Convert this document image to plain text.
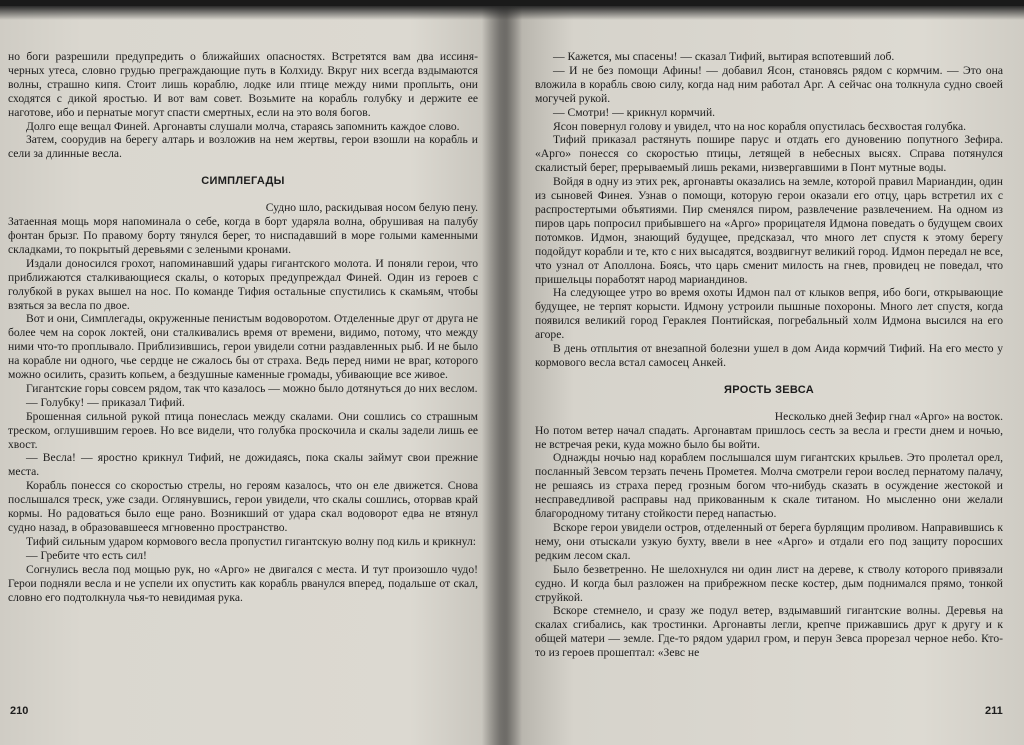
но боги разрешили предупредить о ближайших опасностях. Встретятся вам два иссиня-черных утеса, словно грудью преграждающие путь в Колхиду. Вкруг них всегда вздымаются волны, страшно кипя. Стоит лишь кораблю, лодке или птице между ними проплыть, они сходятся с дикой яростью. И вот вам совет. Возьмите на корабль голубку и держите ее наготове, ибо и пернатые могут спасти смертных, если на это воля богов.

Долго еще вещал Финей. Аргонавты слушали молча, стараясь запомнить каждое слово.

Затем, соорудив на берегу алтарь и возложив на нем жертвы, герои взошли на корабль и сели за длинные весла.

СИМПЛЕГАДЫ

Судно шло, раскидывая носом белую пену.

Затаенная мощь моря напоминала о себе, когда в борт ударяла волна, обрушивая на палубу фонтан брызг. По правому борту тянулся берег, то ниспадавший в море голыми каменными складками, то покрытый деревьями с зелеными кронами.

Издали доносился грохот, напоминавший удары гигантского молота. И поняли герои, что приближаются сталкивающиеся скалы, о которых предупреждал Финей. Один из героев с голубкой в руках вышел на нос. По команде Тифия остальные спустились к скамьям, чтобы взяться за весла по двое.

Вот и они, Симплегады, окруженные пенистым водоворотом. Отделенные друг от друга не более чем на сорок локтей, они сталкивались время от времени, видимо, потому, что между ними что-то проплывало. Приблизившись, герои увидели сотни раздавленных рыб. И не было на корабле ни одного, чье сердце не сжалось бы от страха. Ведь перед ними не враг, которого можно осилить, сразить копьем, а бездушные каменные громады, убивающие все живое.

Гигантские горы совсем рядом, так что казалось — можно было дотянуться до них веслом.

— Голубку! — приказал Тифий.

Брошенная сильной рукой птица понеслась между скалами. Они сошлись со страшным треском, оглушившим героев. Но все видели, что голубка проскочила и скалы задели лишь ее хвост.

— Весла! — яростно крикнул Тифий, не дожидаясь, пока скалы займут свои прежние места.

Корабль понесся со скоростью стрелы, но героям казалось, что он еле движется. Снова послышался треск, уже сзади. Оглянувшись, герои увидели, что скалы сошлись, оторвав край кормы. Но радоваться было еще рано. Возникший от удара скал водоворот едва не втянул судно назад, в образовавшееся мгновенно пространство.

Тифий сильным ударом кормового весла пропустил гигантскую волну под киль и крикнул:

— Гребите что есть сил!

Согнулись весла под мощью рук, но «Арго» не двигался с места. И тут произошло чудо! Герои подняли весла и не успели их опустить как корабль рванулся вперед, подальше от скал, словно его подтолкнула чья-то невидимая рука.

— Кажется, мы спасены! — сказал Тифий, вытирая вспотевший лоб.

— И не без помощи Афины! — добавил Ясон, становясь рядом с кормчим. — Это она вложила в корабль свою силу, когда над ним работал Арг. А сейчас она толкнула судно своей могучей рукой.

— Смотри! — крикнул кормчий.

Ясон повернул голову и увидел, что на нос корабля опустилась бесхвостая голубка.

Тифий приказал растянуть пошире парус и отдать его дуновению попутного Зефира. «Арго» понесся со скоростью птицы, летящей в небесных высях. Справа потянулся скалистый берег, прерываемый лишь реками, низвергавшими в Понт мутные воды.

Войдя в одну из этих рек, аргонавты оказались на земле, которой правил Мариандин, один из сыновей Финея. Узнав о помощи, которую герои оказали его отцу, царь встретил их с распростертыми объятиями. Пир сменялся пиром, развлечение развлечением. На одном из пиров царь попросил прибывшего на «Арго» прорицателя Идмона поведать о будущем своих потомков. Идмон, знающий будущее, предсказал, что много лет спустя к этому берегу подойдут корабли и те, кто с них высадятся, воздвигнут великий город. Идмон передал не все, что узнал от Аполлона. Боясь, что царь сменит милость на гнев, провидец не поведал, что пришельцы поработят народ мариандинов.

На следующее утро во время охоты Идмон пал от клыков вепря, ибо боги, открывающие будущее, не терпят корысти. Идмону устроили пышные похороны. Много лет спустя, когда появился великий город Гераклея Понтийская, погребальный холм Идмона высился на его агоре.

В день отплытия от внезапной болезни ушел в дом Аида кормчий Тифий. На его место у кормового весла встал самосец Анкей.

ЯРОСТЬ ЗЕВСА

Несколько дней Зефир гнал «Арго» на восток.

Но потом ветер начал спадать. Аргонавтам пришлось сесть за весла и грести днем и ночью, не встречая реки, куда можно было бы войти.

Однажды ночью над кораблем послышался шум гигантских крыльев. Это пролетал орел, посланный Зевсом терзать печень Прометея. Молча смотрели герои вослед пернатому палачу, не решаясь из страха перед грозным богом что-нибудь сказать в осуждение жестокой и несправедливой расправы над прикованным к скале титаном. Но мысленно они желали благородному титану стойкости перед напастью.

Вскоре герои увидели остров, отделенный от берега бурлящим проливом. Направившись к нему, они отыскали узкую бухту, ввели в нее «Арго» и отдали его под защиту поросших редким лесом скал.

Было безветренно. Не шелохнулся ни один лист на дереве, к стволу которого привязали судно. И когда был разложен на прибрежном песке костер, дым поднимался прямо, тонкой струйкой.

Вскоре стемнело, и сразу же подул ветер, вздымавший гигантские волны. Деревья на скалах сгибались, как тростинки. Аргонавты легли, крепче прижавшись друг к другу и к общей матери — земле. Где-то рядом ударил гром, и перун Зевса прорезал черное небо. Кто-то из героев прошептал: «Зевс не

210	211
